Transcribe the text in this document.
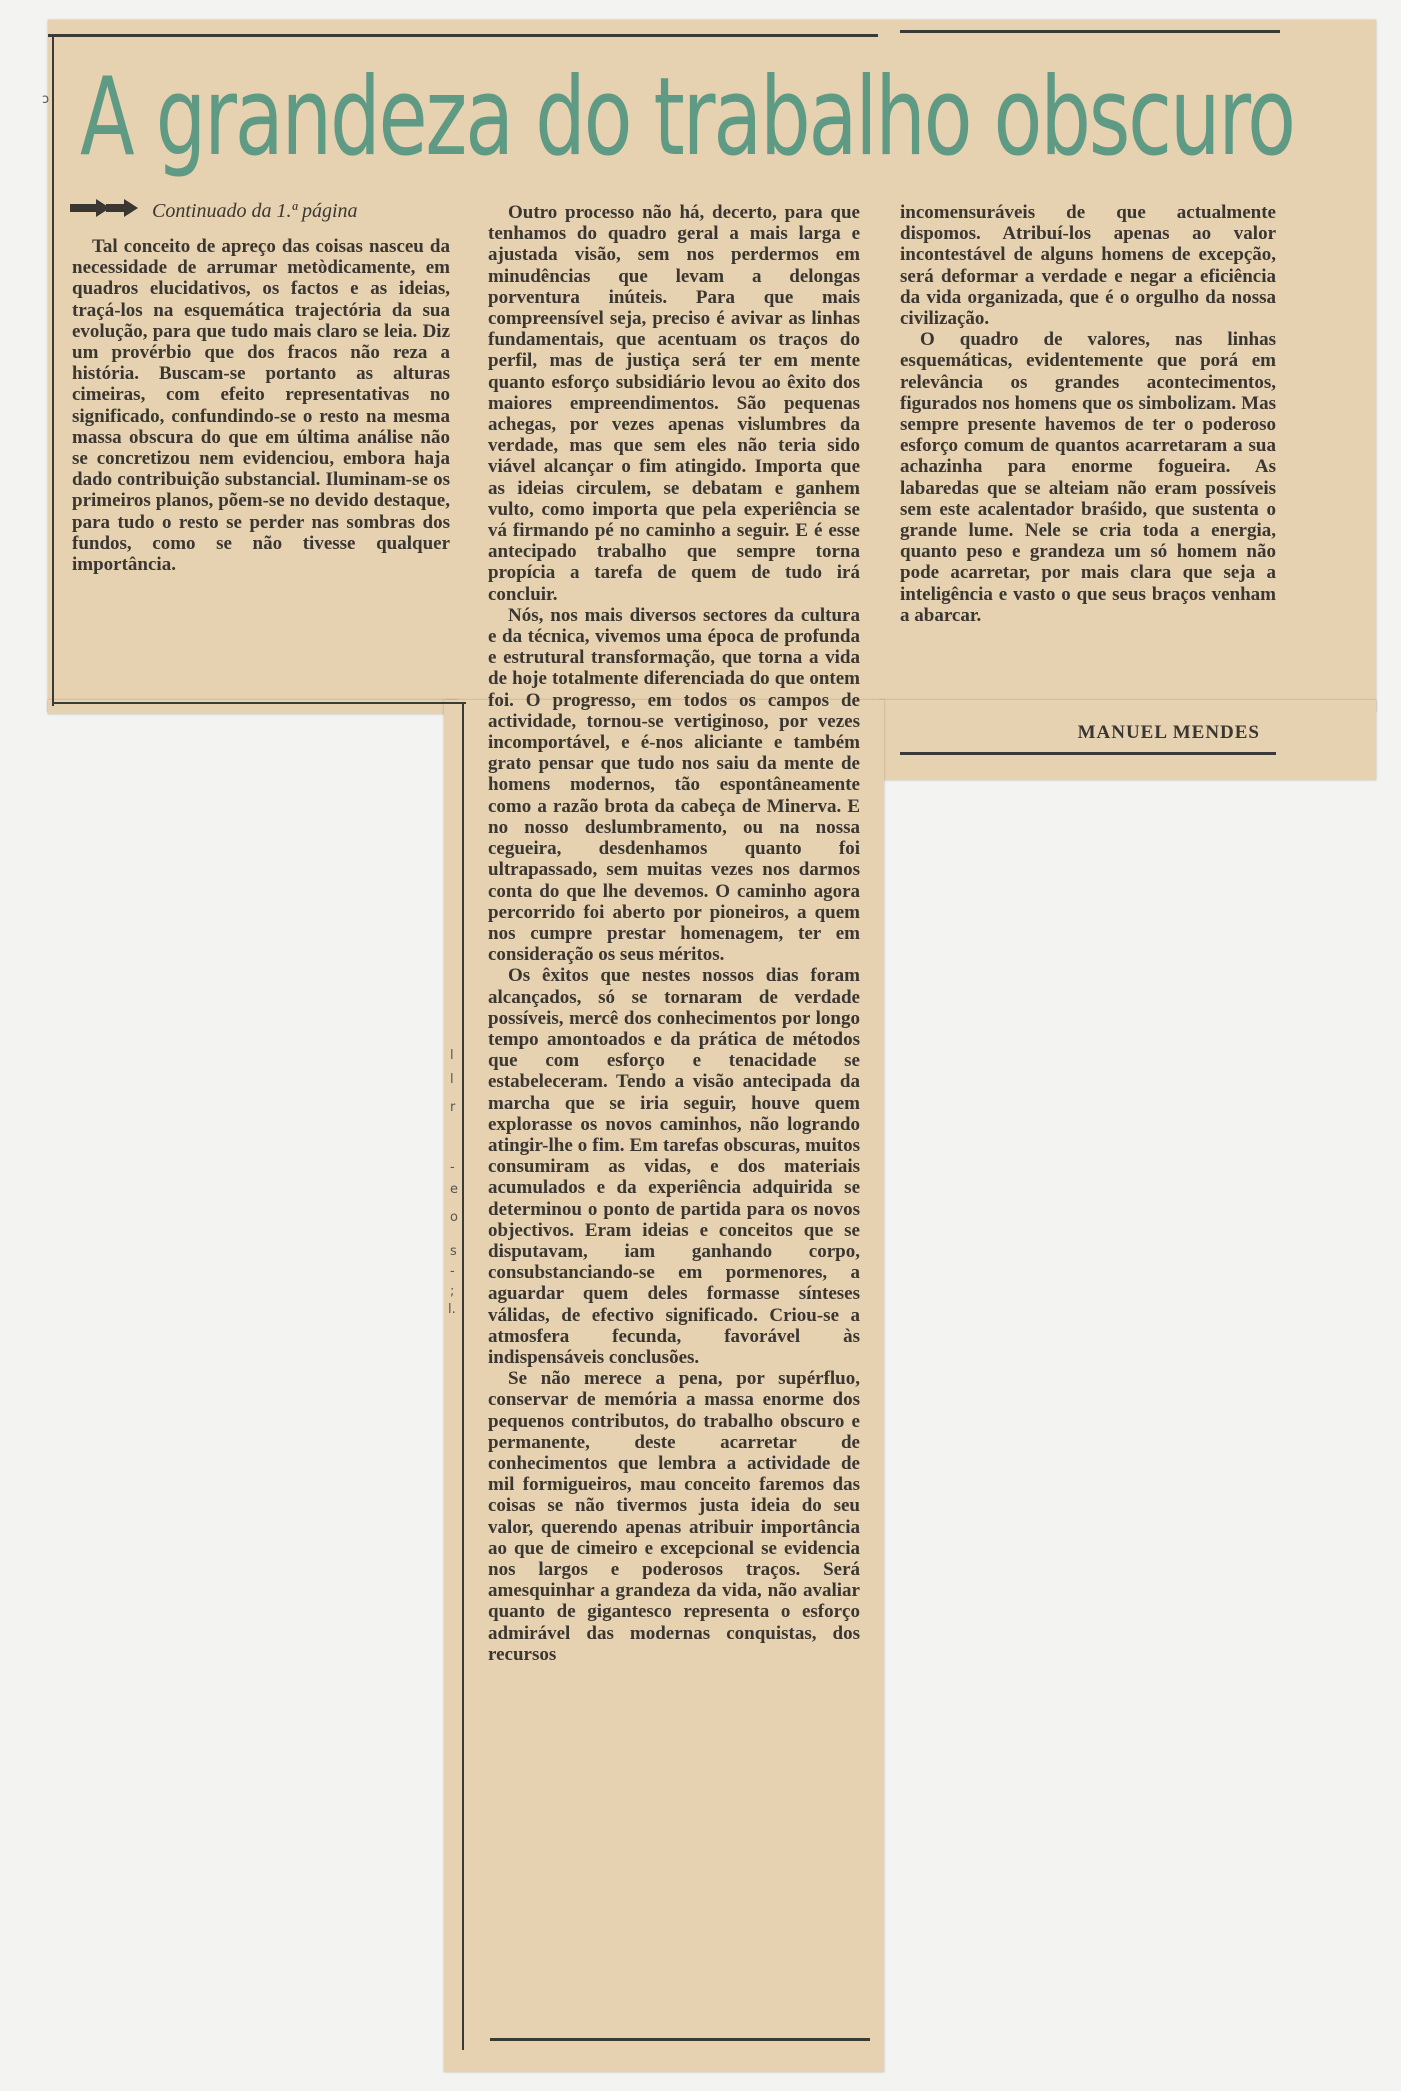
A grandeza do trabalho obscuro
Continuado da 1.ª página

Tal conceito de apreço das coisas nasceu da necessidade de arrumar metòdicamente, em quadros elucidativos, os factos e as ideias, traçá-los na esquemática trajectória da sua evolução, para que tudo mais claro se leia. Diz um provérbio que dos fracos não reza a história. Buscam-se portanto as alturas cimeiras, com efeito representativas no significado, confundindo-se o resto na mesma massa obscura do que em última análise não se concretizou nem evidenciou, embora haja dado contribuição substancial. Iluminam-se os primeiros planos, põem-se no devido destaque, para tudo o resto se perder nas sombras dos fundos, como se não tivesse qualquer importância.

Outro processo não há, decerto, para que tenhamos do quadro geral a mais larga e ajustada visão, sem nos perdermos em minudências que levam a delongas porventura inúteis. Para que mais compreensível seja, preciso é avivar as linhas fundamentais, que acentuam os traços do perfil, mas de justiça será ter em mente quanto esforço subsidiário levou ao êxito dos maiores empreendimentos. São pequenas achegas, por vezes apenas vislumbres da verdade, mas que sem eles não teria sido viável alcançar o fim atingido. Importa que as ideias circulem, se debatam e ganhem vulto, como importa que pela experiência se vá firmando pé no caminho a seguir. E é esse antecipado trabalho que sempre torna propícia a tarefa de quem de tudo irá concluir.

Nós, nos mais diversos sectores da cultura e da técnica, vivemos uma época de profunda e estrutural transformação, que torna a vida de hoje totalmente diferenciada do que ontem foi. O progresso, em todos os campos de actividade, tornou-se vertiginoso, por vezes incomportável, e é-nos aliciante e também grato pensar que tudo nos saiu da mente de homens modernos, tão espontâneamente como a razão brota da cabeça de Minerva. E no nosso deslumbramento, ou na nossa cegueira, desdenhamos quanto foi ultrapassado, sem muitas vezes nos darmos conta do que lhe devemos. O caminho agora percorrido foi aberto por pioneiros, a quem nos cumpre prestar homenagem, ter em consideração os seus méritos.

Os êxitos que nestes nossos dias foram alcançados, só se tornaram de verdade possíveis, mercê dos conhecimentos por longo tempo amontoados e da prática de métodos que com esforço e tenacidade se estabeleceram. Tendo a visão antecipada da marcha que se iria seguir, houve quem explorasse os novos caminhos, não logrando atingir-lhe o fim. Em tarefas obscuras, muitos consumiram as vidas, e dos materiais acumulados e da experiência adquirida se determinou o ponto de partida para os novos objectivos. Eram ideias e conceitos que se disputavam, iam ganhando corpo, consubstanciando-se em pormenores, a aguardar quem deles formasse sínteses válidas, de efectivo significado. Criou-se a atmosfera fecunda, favorável às indispensáveis conclusões.

Se não merece a pena, por supérfluo, conservar de memória a massa enorme dos pequenos contributos, do trabalho obscuro e permanente, deste acarretar de conhecimentos que lembra a actividade de mil formigueiros, mau conceito faremos das coisas se não tivermos justa ideia do seu valor, querendo apenas atribuir importância ao que de cimeiro e excepcional se evidencia nos largos e poderosos traços. Será amesquinhar a grandeza da vida, não avaliar quanto de gigantesco representa o esforço admirável das modernas conquistas, dos recursos

incomensuráveis de que actualmente dispomos. Atribuí-los apenas ao valor incontestável de alguns homens de excepção, será deformar a verdade e negar a eficiência da vida organizada, que é o orgulho da nossa civilização.

O quadro de valores, nas linhas esquemáticas, evidentemente que porá em relevância os grandes acontecimentos, figurados nos homens que os simbolizam. Mas sempre presente havemos de ter o poderoso esforço comum de quantos acarretaram a sua achazinha para enorme fogueira. As labaredas que se alteiam não eram possíveis sem este acalentador braśido, que sustenta o grande lume. Nele se cria toda a energia, quanto peso e grandeza um só homem não pode acarretar, por mais clara que seja a inteligência e vasto o que seus braços venham a abarcar.

MANUEL MENDES
ɔ
l
l
r
-
e
o
s
-
;
l.
